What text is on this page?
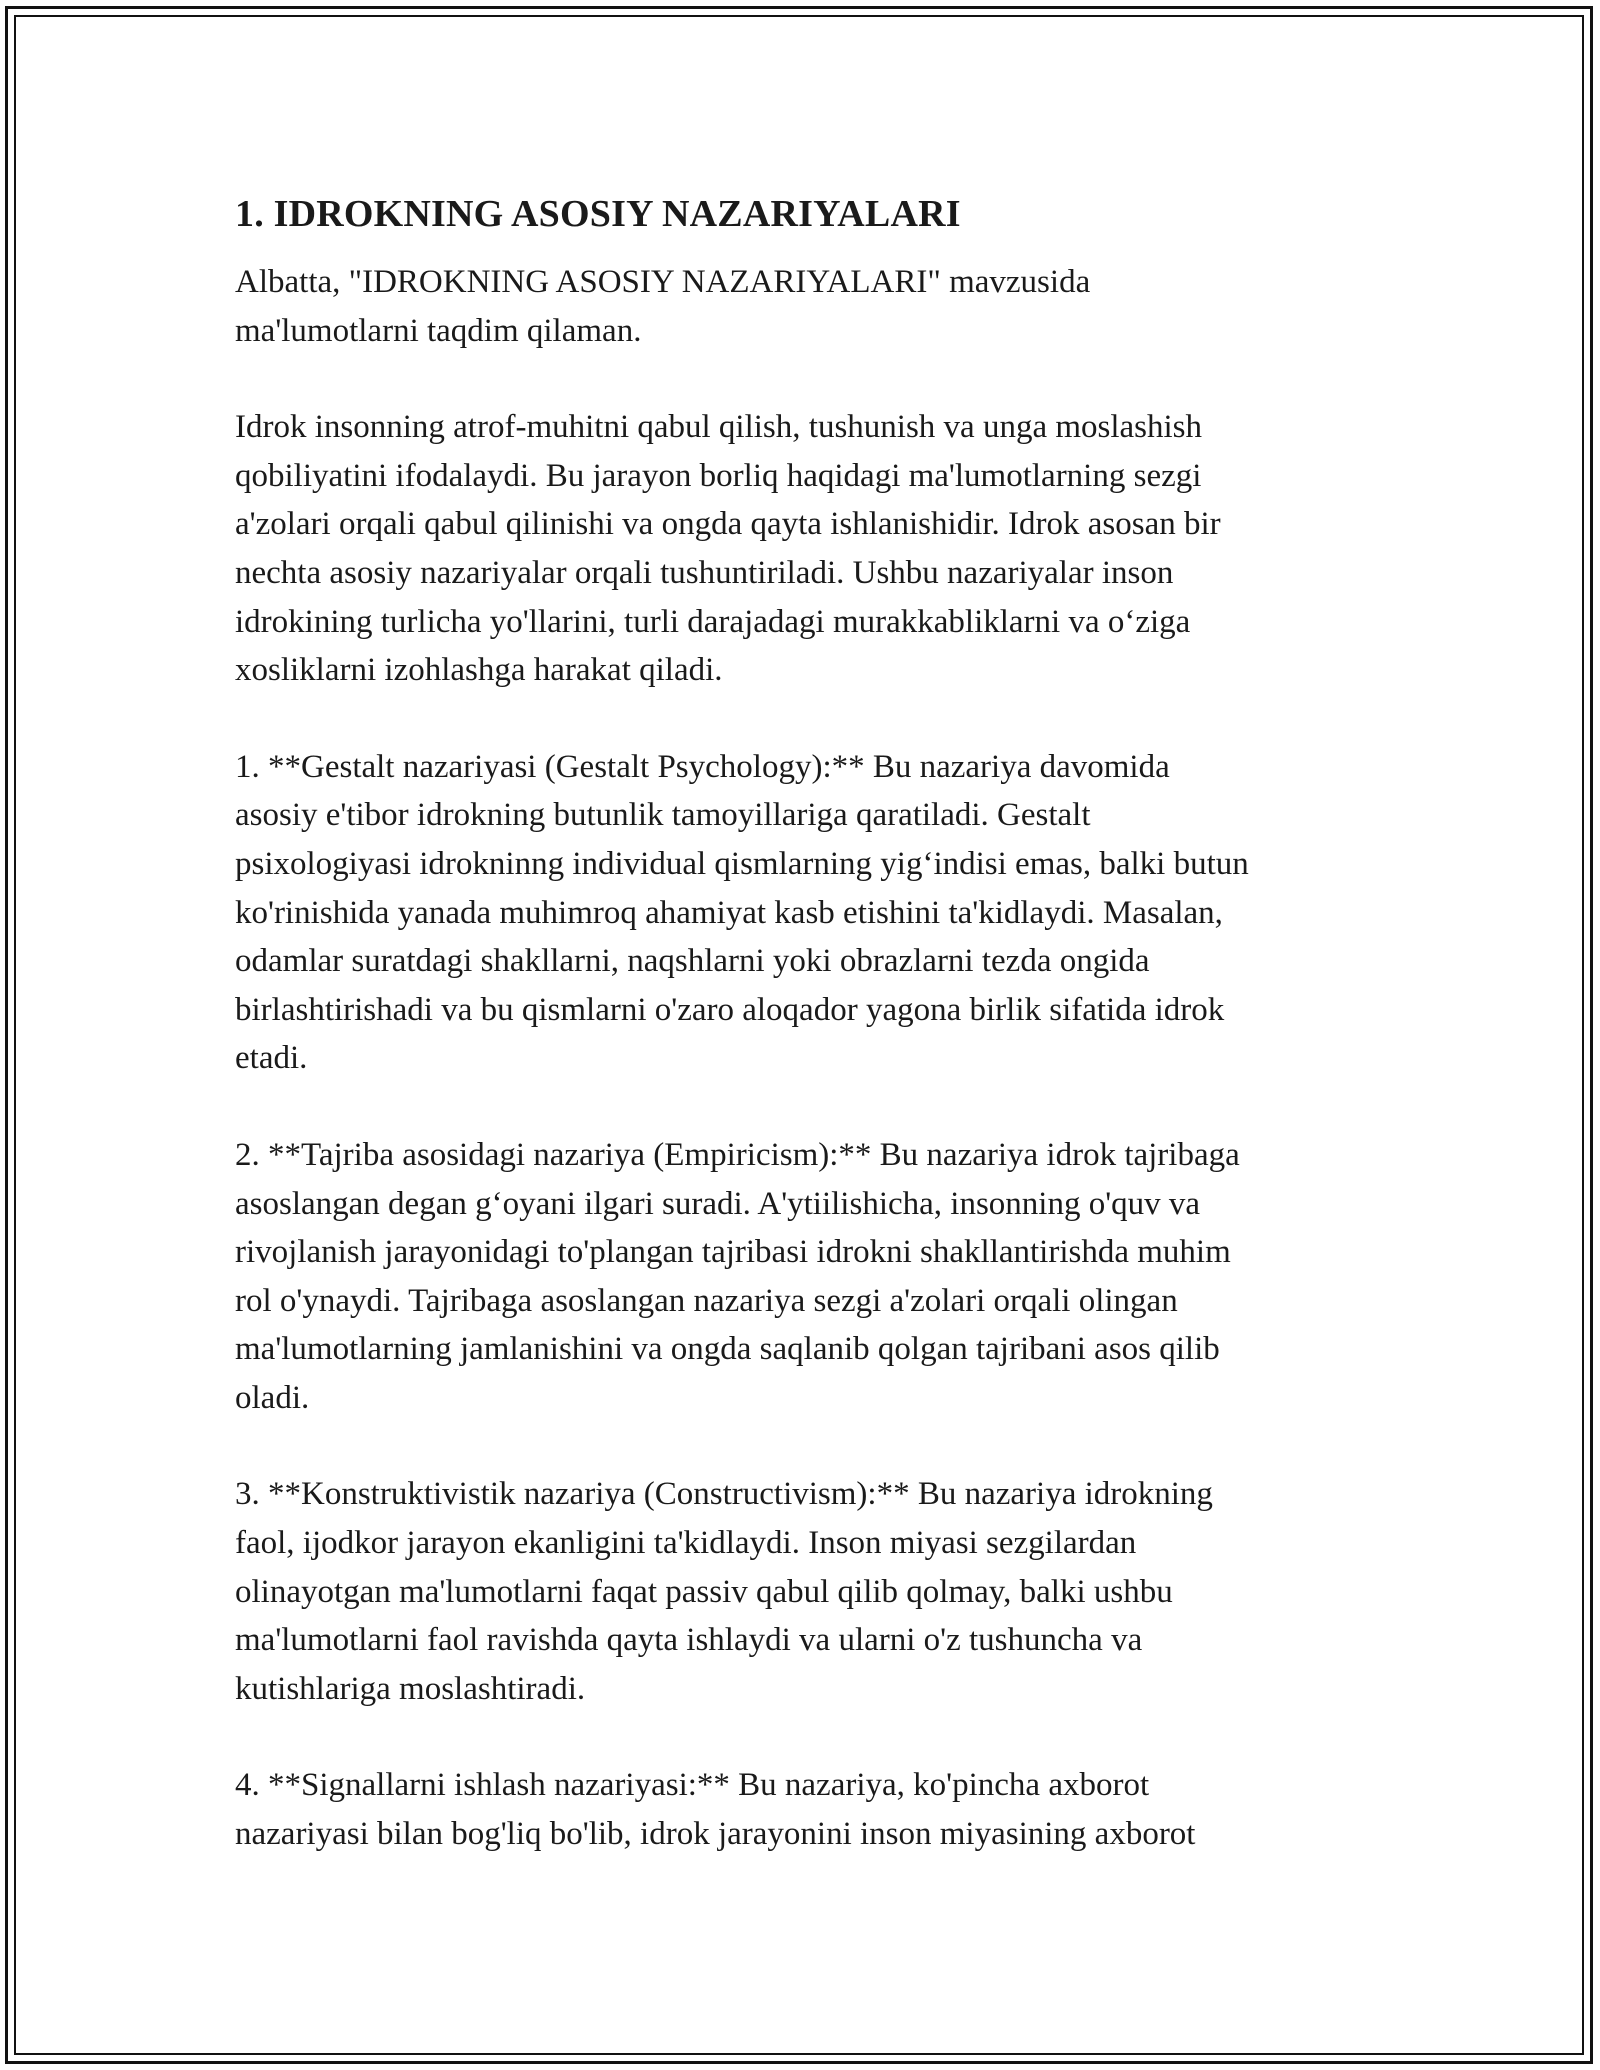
1. IDROKNING ASOSIY NAZARIYALARI

Albatta, "IDROKNING ASOSIY NAZARIYALARI" mavzusida
ma'lumotlarni taqdim qilaman.

Idrok insonning atrof-muhitni qabul qilish, tushunish va unga moslashish
qobiliyatini ifodalaydi. Bu jarayon borliq haqidagi ma'lumotlarning sezgi
a'zolari orqali qabul qilinishi va ongda qayta ishlanishidir. Idrok asosan bir
nechta asosiy nazariyalar orqali tushuntiriladi. Ushbu nazariyalar inson
idrokining turlicha yo'llarini, turli darajadagi murakkabliklarni va o‘ziga
xosliklarni izohlashga harakat qiladi.

1. **Gestalt nazariyasi (Gestalt Psychology):** Bu nazariya davomida
asosiy e'tibor idrokning butunlik tamoyillariga qaratiladi. Gestalt
psixologiyasi idrokninng individual qismlarning yig‘indisi emas, balki butun
ko'rinishida yanada muhimroq ahamiyat kasb etishini ta'kidlaydi. Masalan,
odamlar suratdagi shakllarni, naqshlarni yoki obrazlarni tezda ongida
birlashtirishadi va bu qismlarni o'zaro aloqador yagona birlik sifatida idrok
etadi.

2. **Tajriba asosidagi nazariya (Empiricism):** Bu nazariya idrok tajribaga
asoslangan degan g‘oyani ilgari suradi. A'ytiilishicha, insonning o'quv va
rivojlanish jarayonidagi to'plangan tajribasi idrokni shakllantirishda muhim
rol o'ynaydi. Tajribaga asoslangan nazariya sezgi a'zolari orqali olingan
ma'lumotlarning jamlanishini va ongda saqlanib qolgan tajribani asos qilib
oladi.

3. **Konstruktivistik nazariya (Constructivism):** Bu nazariya idrokning
faol, ijodkor jarayon ekanligini ta'kidlaydi. Inson miyasi sezgilardan
olinayotgan ma'lumotlarni faqat passiv qabul qilib qolmay, balki ushbu
ma'lumotlarni faol ravishda qayta ishlaydi va ularni o'z tushuncha va
kutishlariga moslashtiradi.

4. **Signallarni ishlash nazariyasi:** Bu nazariya, ko'pincha axborot
nazariyasi bilan bog'liq bo'lib, idrok jarayonini inson miyasining axborot
